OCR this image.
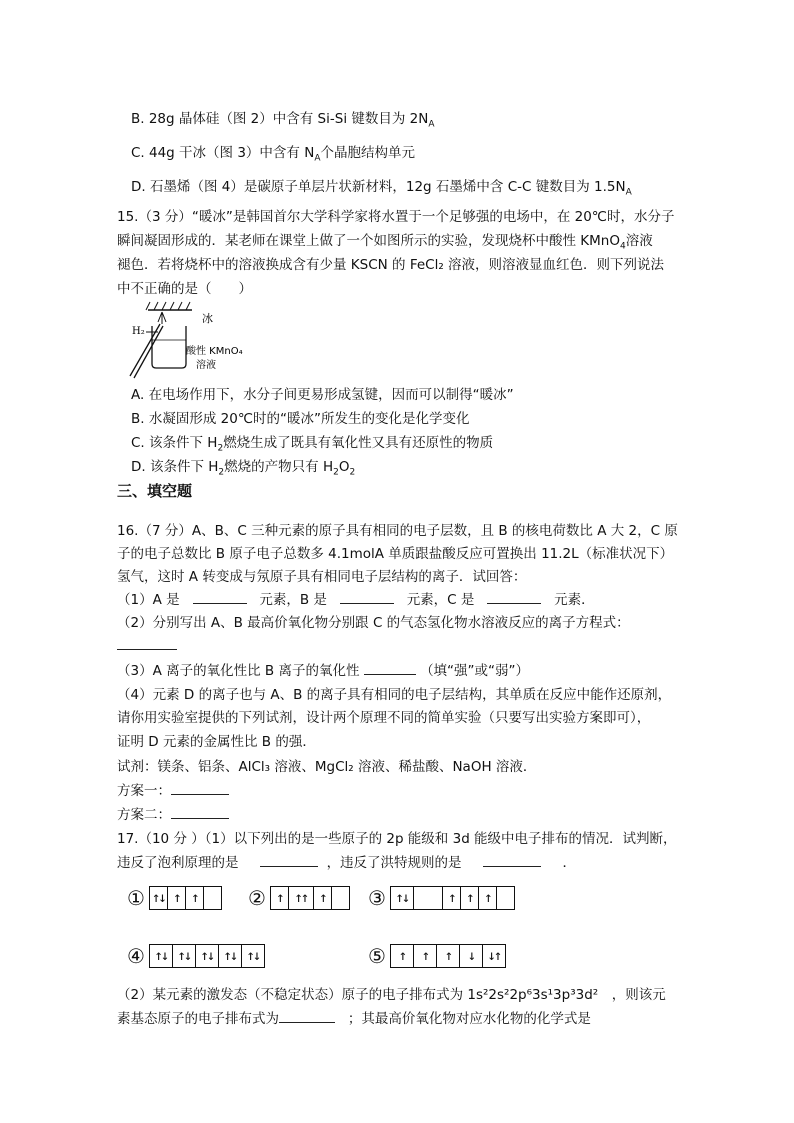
B. 28g 晶体硅（图 2）中含有 Si-Si 键数目为 $2N_A$
C. 44g 干冰（图 3）中含有 $N_A$个晶胞结构单元
D. 石墨烯（图 4）是碳原子单层片状新材料，12g 石墨烯中含 C-C 键数目为 $1.5N_A$
15.（3 分）“暖冰”是韩国首尔大学科学家将水置于一个足够强的电场中，在 20℃时，水分子
瞬间凝固形成的．某老师在课堂上做了一个如图所示的实验，发现烧杯中酸性 KMnO$_4$溶液
褪色．若将烧杯中的溶液换成含有少量 KSCN 的 FeCl₂ 溶液，则溶液显血红色．则下列说法
中不正确的是（　　）
冰
H₂
酸性 KMnO₄
溶液
A. 在电场作用下，水分子间更易形成氢键，因而可以制得“暖冰”
B. 水凝固形成 20℃时的“暖冰”所发生的变化是化学变化
C. 该条件下 $H_2$燃烧生成了既具有氧化性又具有还原性的物质
D. 该条件下 $H_2$燃烧的产物只有 $H_2O_2$
三、填空题
16.（7 分）A、B、C 三种元素的原子具有相同的电子层数，且 B 的核电荷数比 A 大 2，C 原
子的电子总数比 B 原子电子总数多 4.1molA 单质跟盐酸反应可置换出 11.2L（标准状况下）
氢气，这时 A 转变成与氖原子具有相同电子层结构的离子．试回答：
（1）A 是	元素，B 是	元素，C 是	元素．
（2）分别写出 A、B 最高价氧化物分别跟 C 的气态氢化物水溶液反应的离子方程式：
（3）A 离子的氧化性比 B 离子的氧化性	（填“强”或“弱”）
（4）元素 D 的离子也与 A、B 的离子具有相同的电子层结构，其单质在反应中能作还原剂，
请你用实验室提供的下列试剂，设计两个原理不同的简单实验（只要写出实验方案即可），
证明 D 元素的金属性比 B 的强．
试剂：镁条、铝条、AlCl₃ 溶液、MgCl₂ 溶液、稀盐酸、NaOH 溶液．
方案一：
方案二：
17.（10 分 ）（1）以下列出的是一些原子的 2p 能级和 3d 能级中电子排布的情况．试判断，
违反了泡利原理的是	，违反了洪特规则的是	．
① ↑↓ ↑ ↑	② ↑ ↑↑ ↑	③ ↑↓	↑ ↑ ↑
④ ↑↓ ↑↓ ↑↓ ↑↓ ↑↓	⑤ ↑	↑	↑	↓ ↓↑
（2）某元素的激发态（不稳定状态）原子的电子排布式为 1s²2s²2p⁶3s¹3p³3d²　，则该元
素基态原子的电子排布式为	；其最高价氧化物对应水化物的化学式是
